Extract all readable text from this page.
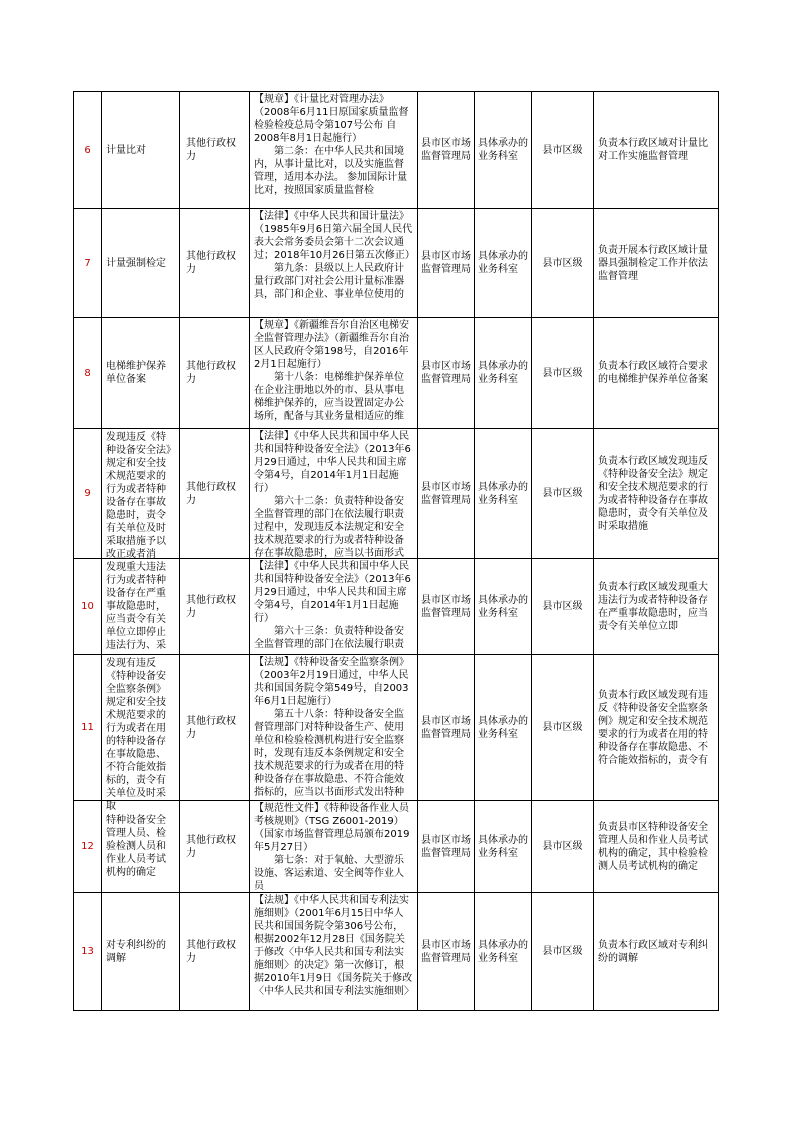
6	计量比对	其他行政权力	【规章】《计量比对管理办法》（2008年6月11日原国家质量监督检验检疫总局令第107号公布 自2008年8月1日起施行）

第二条：在中华人民共和国境内，从事计量比对，以及实施监督管理，适用本办法。 参加国际计量比对，按照国家质量监督检	县市区市场监督管理局	具体承办的业务科室	县市区级	负责本行政区域对计量比对工作实施监督管理

7	计量强制检定	其他行政权力	【法律】《中华人民共和国计量法》（1985年9月6日第六届全国人民代表大会常务委员会第十二次会议通过；2018年10月26日第五次修正）

第九条：县级以上人民政府计量行政部门对社会公用计量标准器具，部门和企业、事业单位使用的	县市区市场监督管理局	具体承办的业务科室	县市区级	负责开展本行政区域计量器具强制检定工作并依法监督管理

8	电梯维护保养单位备案	其他行政权力	【规章】《新疆维吾尔自治区电梯安全监督管理办法》（新疆维吾尔自治区人民政府令第198号，自2016年2月1日起施行）

第十八条：电梯维护保养单位在企业注册地以外的市、县从事电梯维护保养的，应当设置固定办公场所，配备与其业务量相适应的维	县市区市场监督管理局	具体承办的业务科室	县市区级	负责本行政区域符合要求的电梯维护保养单位备案

9	发现违反《特种设备安全法》规定和安全技术规范要求的行为或者特种设备存在事故隐患时，责令有关单位及时采取措施予以改正或者消	其他行政权力	【法律】《中华人民共和国中华人民共和国特种设备安全法》（2013年6月29日通过，中华人民共和国主席令第4号，自2014年1月1日起施行）

第六十二条：负责特种设备安全监督管理的部门在依法履行职责过程中，发现违反本法规定和安全技术规范要求的行为或者特种设备存在事故隐患时，应当以书面形式	县市区市场监督管理局	具体承办的业务科室	县市区级	负责本行政区域发现违反《特种设备安全法》规定和安全技术规范要求的行为或者特种设备存在事故隐患时，责令有关单位及时采取措施

10	发现重大违法行为或者特种设备存在严重事故隐患时，应当责令有关单位立即停止违法行为、采	其他行政权力	【法律】《中华人民共和国中华人民共和国特种设备安全法》（2013年6月29日通过，中华人民共和国主席令第4号，自2014年1月1日起施行）

第六十三条：负责特种设备安全监督管理的部门在依法履行职责	县市区市场监督管理局	具体承办的业务科室	县市区级	负责本行政区域发现重大违法行为或者特种设备存在严重事故隐患时，应当责令有关单位立即

11	发现有违反《特种设备安全监察条例》规定和安全技术规范要求的行为或者在用的特种设备存在事故隐患、不符合能效指标的，责令有关单位及时采取	其他行政权力	【法规】《特种设备安全监察条例》（2003年2月19日通过，中华人民共和国国务院令第549号，自2003年6月1日起施行）

第五十八条：特种设备安全监督管理部门对特种设备生产、使用单位和检验检测机构进行安全监察时，发现有违反本条例规定和安全技术规范要求的行为或者在用的特种设备存在事故隐患、不符合能效指标的，应当以书面形式发出特种	县市区市场监督管理局	具体承办的业务科室	县市区级	负责本行政区域发现有违反《特种设备安全监察条例》规定和安全技术规范要求的行为或者在用的特种设备存在事故隐患、不符合能效指标的，责令有

12	特种设备安全管理人员、检验检测人员和作业人员考试机构的确定	其他行政权力	【规范性文件】《特种设备作业人员考核规则》（TSG Z6001-2019）（国家市场监督管理总局颁布2019年5月27日）

第七条：对于氧舱、大型游乐设施、客运索道、安全阀等作业人员	县市区市场监督管理局	具体承办的业务科室	县市区级	负责县市区特种设备安全管理人员和作业人员考试机构的确定，其中检验检测人员考试机构的确定

13	对专利纠纷的调解	其他行政权力	【法规】《中华人民共和国专利法实施细则》（2001年6月15日中华人民共和国国务院令第306号公布，根据2002年12月28日《国务院关于修改〈中华人民共和国专利法实施细则〉的决定》第一次修订，根据2010年1月9日《国务院关于修改〈中华人民共和国专利法实施细则〉	县市区市场监督管理局	具体承办的业务科室	县市区级	负责本行政区域对专利纠纷的调解
